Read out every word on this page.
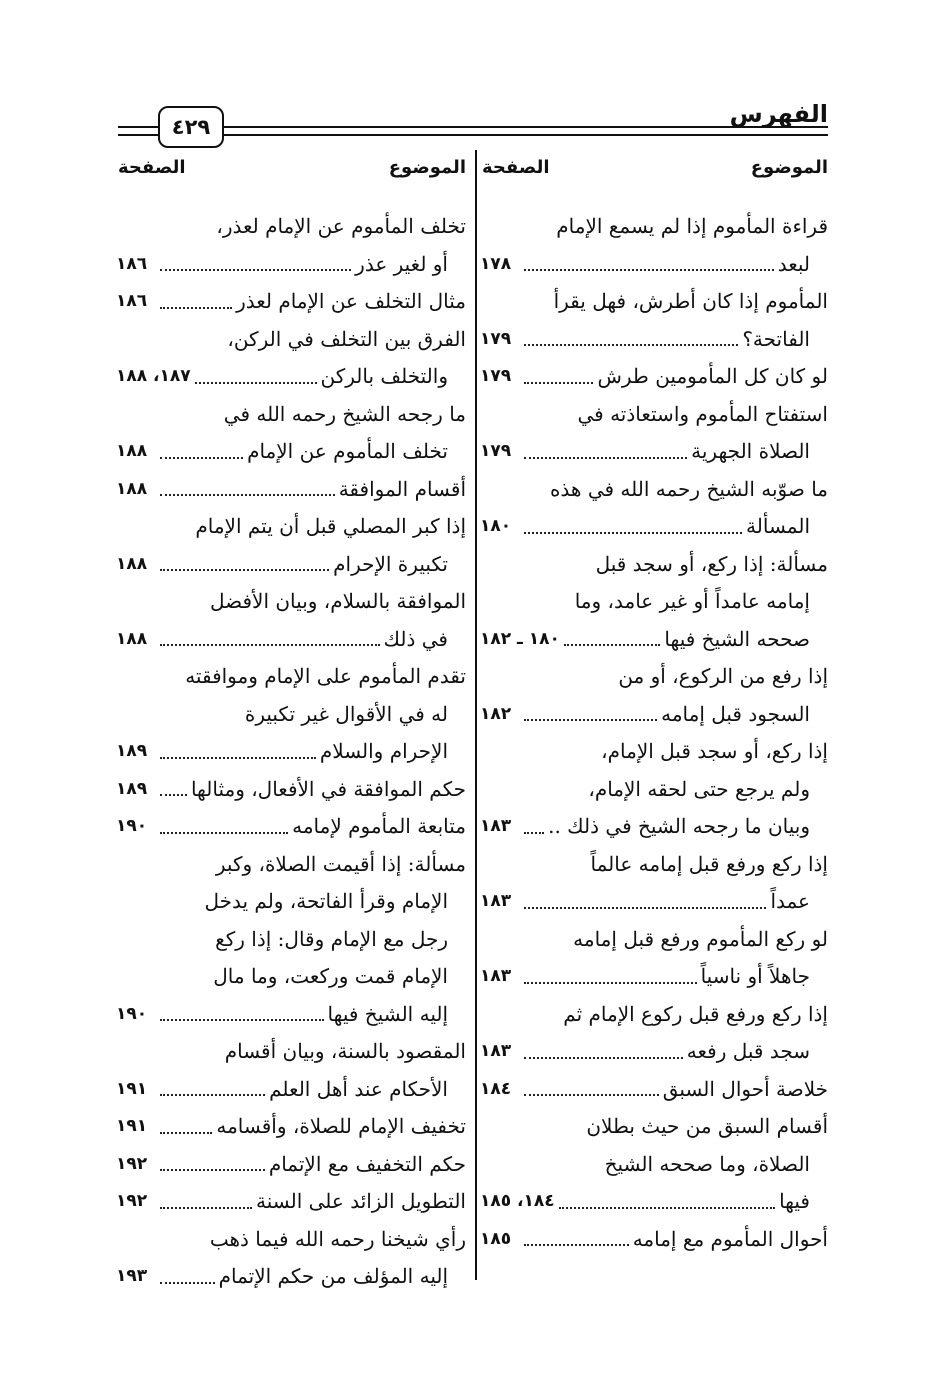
الفهرس
٤٢٩
الموضوع
الصفحة
الموضوع
الصفحة
قراءة المأموم إذا لم يسمع الإمام
لبعد
١٧٨
المأموم إذا كان أطرش، فهل يقرأ
الفاتحة؟
١٧٩
لو كان كل المأمومين طرش
١٧٩
استفتاح المأموم واستعاذته في
الصلاة الجهرية
١٧٩
ما صوّبه الشيخ رحمه الله في هذه
المسألة
١٨٠
مسألة: إذا ركع، أو سجد قبل
إمامه عامداً أو غير عامد، وما
صححه الشيخ فيها
١٨٠ ـ ١٨٢
إذا رفع من الركوع، أو من
السجود قبل إمامه
١٨٢
إذا ركع، أو سجد قبل الإمام،
ولم يرجع حتى لحقه الإمام،
وبيان ما رجحه الشيخ في ذلك ..
١٨٣
إذا ركع ورفع قبل إمامه عالماً
عمداً
١٨٣
لو ركع المأموم ورفع قبل إمامه
جاهلاً أو ناسياً
١٨٣
إذا ركع ورفع قبل ركوع الإمام ثم
سجد قبل رفعه
١٨٣
خلاصة أحوال السبق
١٨٤
أقسام السبق من حيث بطلان
الصلاة، وما صححه الشيخ
فيها
١٨٤، ١٨٥
أحوال المأموم مع إمامه
١٨٥
تخلف المأموم عن الإمام لعذر،
أو لغير عذر
١٨٦
مثال التخلف عن الإمام لعذر
١٨٦
الفرق بين التخلف في الركن،
والتخلف بالركن
١٨٧، ١٨٨
ما رجحه الشيخ رحمه الله في
تخلف المأموم عن الإمام
١٨٨
أقسام الموافقة
١٨٨
إذا كبر المصلي قبل أن يتم الإمام
تكبيرة الإحرام
١٨٨
الموافقة بالسلام، وبيان الأفضل
في ذلك
١٨٨
تقدم المأموم على الإمام وموافقته
له في الأقوال غير تكبيرة
الإحرام والسلام
١٨٩
حكم الموافقة في الأفعال، ومثالها
١٨٩
متابعة المأموم لإمامه
١٩٠
مسألة: إذا أقيمت الصلاة، وكبر
الإمام وقرأ الفاتحة، ولم يدخل
رجل مع الإمام وقال: إذا ركع
الإمام قمت وركعت، وما مال
إليه الشيخ فيها
١٩٠
المقصود بالسنة، وبيان أقسام
الأحكام عند أهل العلم
١٩١
تخفيف الإمام للصلاة، وأقسامه
١٩١
حكم التخفيف مع الإتمام
١٩٢
التطويل الزائد على السنة
١٩٢
رأي شيخنا رحمه الله فيما ذهب
إليه المؤلف من حكم الإتمام
١٩٣
